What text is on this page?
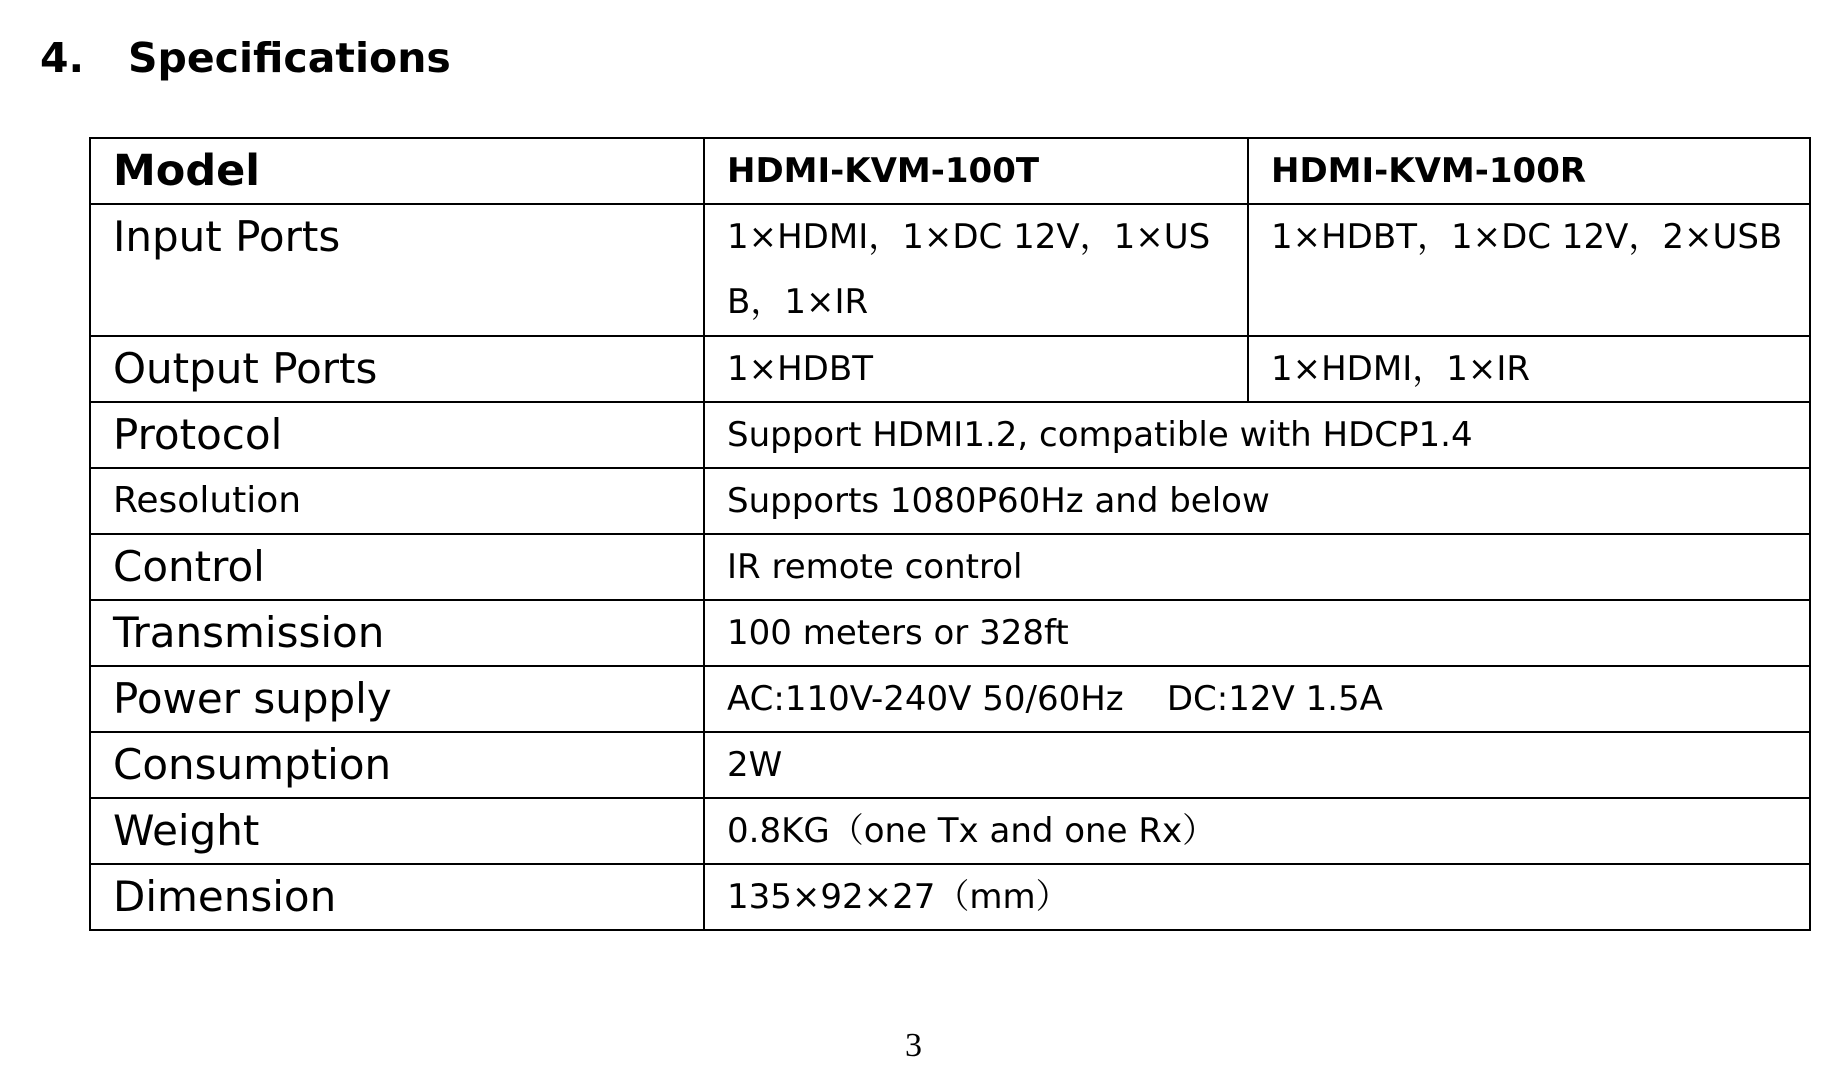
4. Specifications
Model	HDMI-KVM-100T	HDMI-KVM-100R
Input Ports	1×HDMI，1×DC 12V，1×USB，1×IR	1×HDBT，1×DC 12V，2×USB
Output Ports	1×HDBT	1×HDMI，1×IR
Protocol	Support HDMI1.2, compatible with HDCP1.4	
Resolution	Supports 1080P60Hz and below	
Control	IR remote control	
Transmission	100 meters or 328ft	
Power supply	AC:110V-240V 50/60Hz    DC:12V 1.5A	
Consumption	2W	
Weight	0.8KG（one Tx and one Rx）	
Dimension	135×92×27（mm）	
3
